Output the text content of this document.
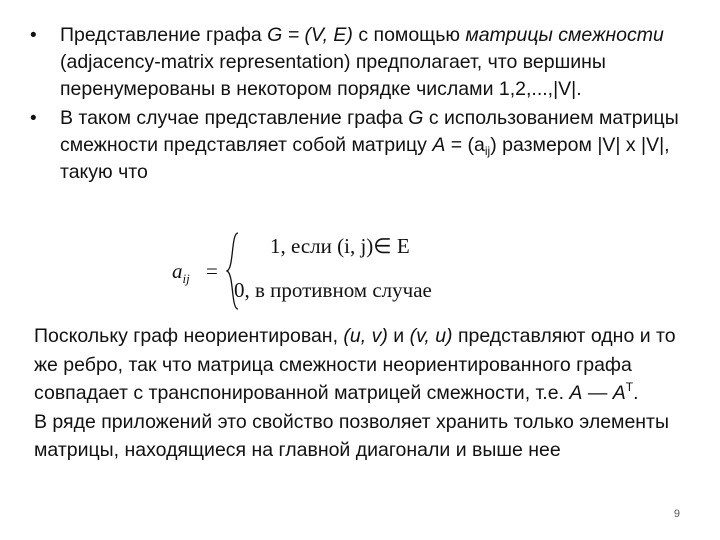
• Представление графа G = (V, E) с помощью матрицы смежности (adjacency-matrix representation) предполагает, что вершины перенумерованы в некотором порядке числами 1,2,...,|V|.
• В таком случае представление графа G с использованием матрицы смежности представляет собой матрицу $A = (a_{ij})$ размером |V| x |V|, такую что
$a_{ij}$ =
1, если (i, j)∈ E
0, в противном случае

Поскольку граф неориентирован, (u, v) и (v, u) представляют одно и то же ребро, так что матрица смежности неориентированного графа совпадает с транспонированной матрицей смежности, т.е. A — $A^T$.

В ряде приложений это свойство позволяет хранить только элементы матрицы, находящиеся на главной диагонали и выше нее

9
